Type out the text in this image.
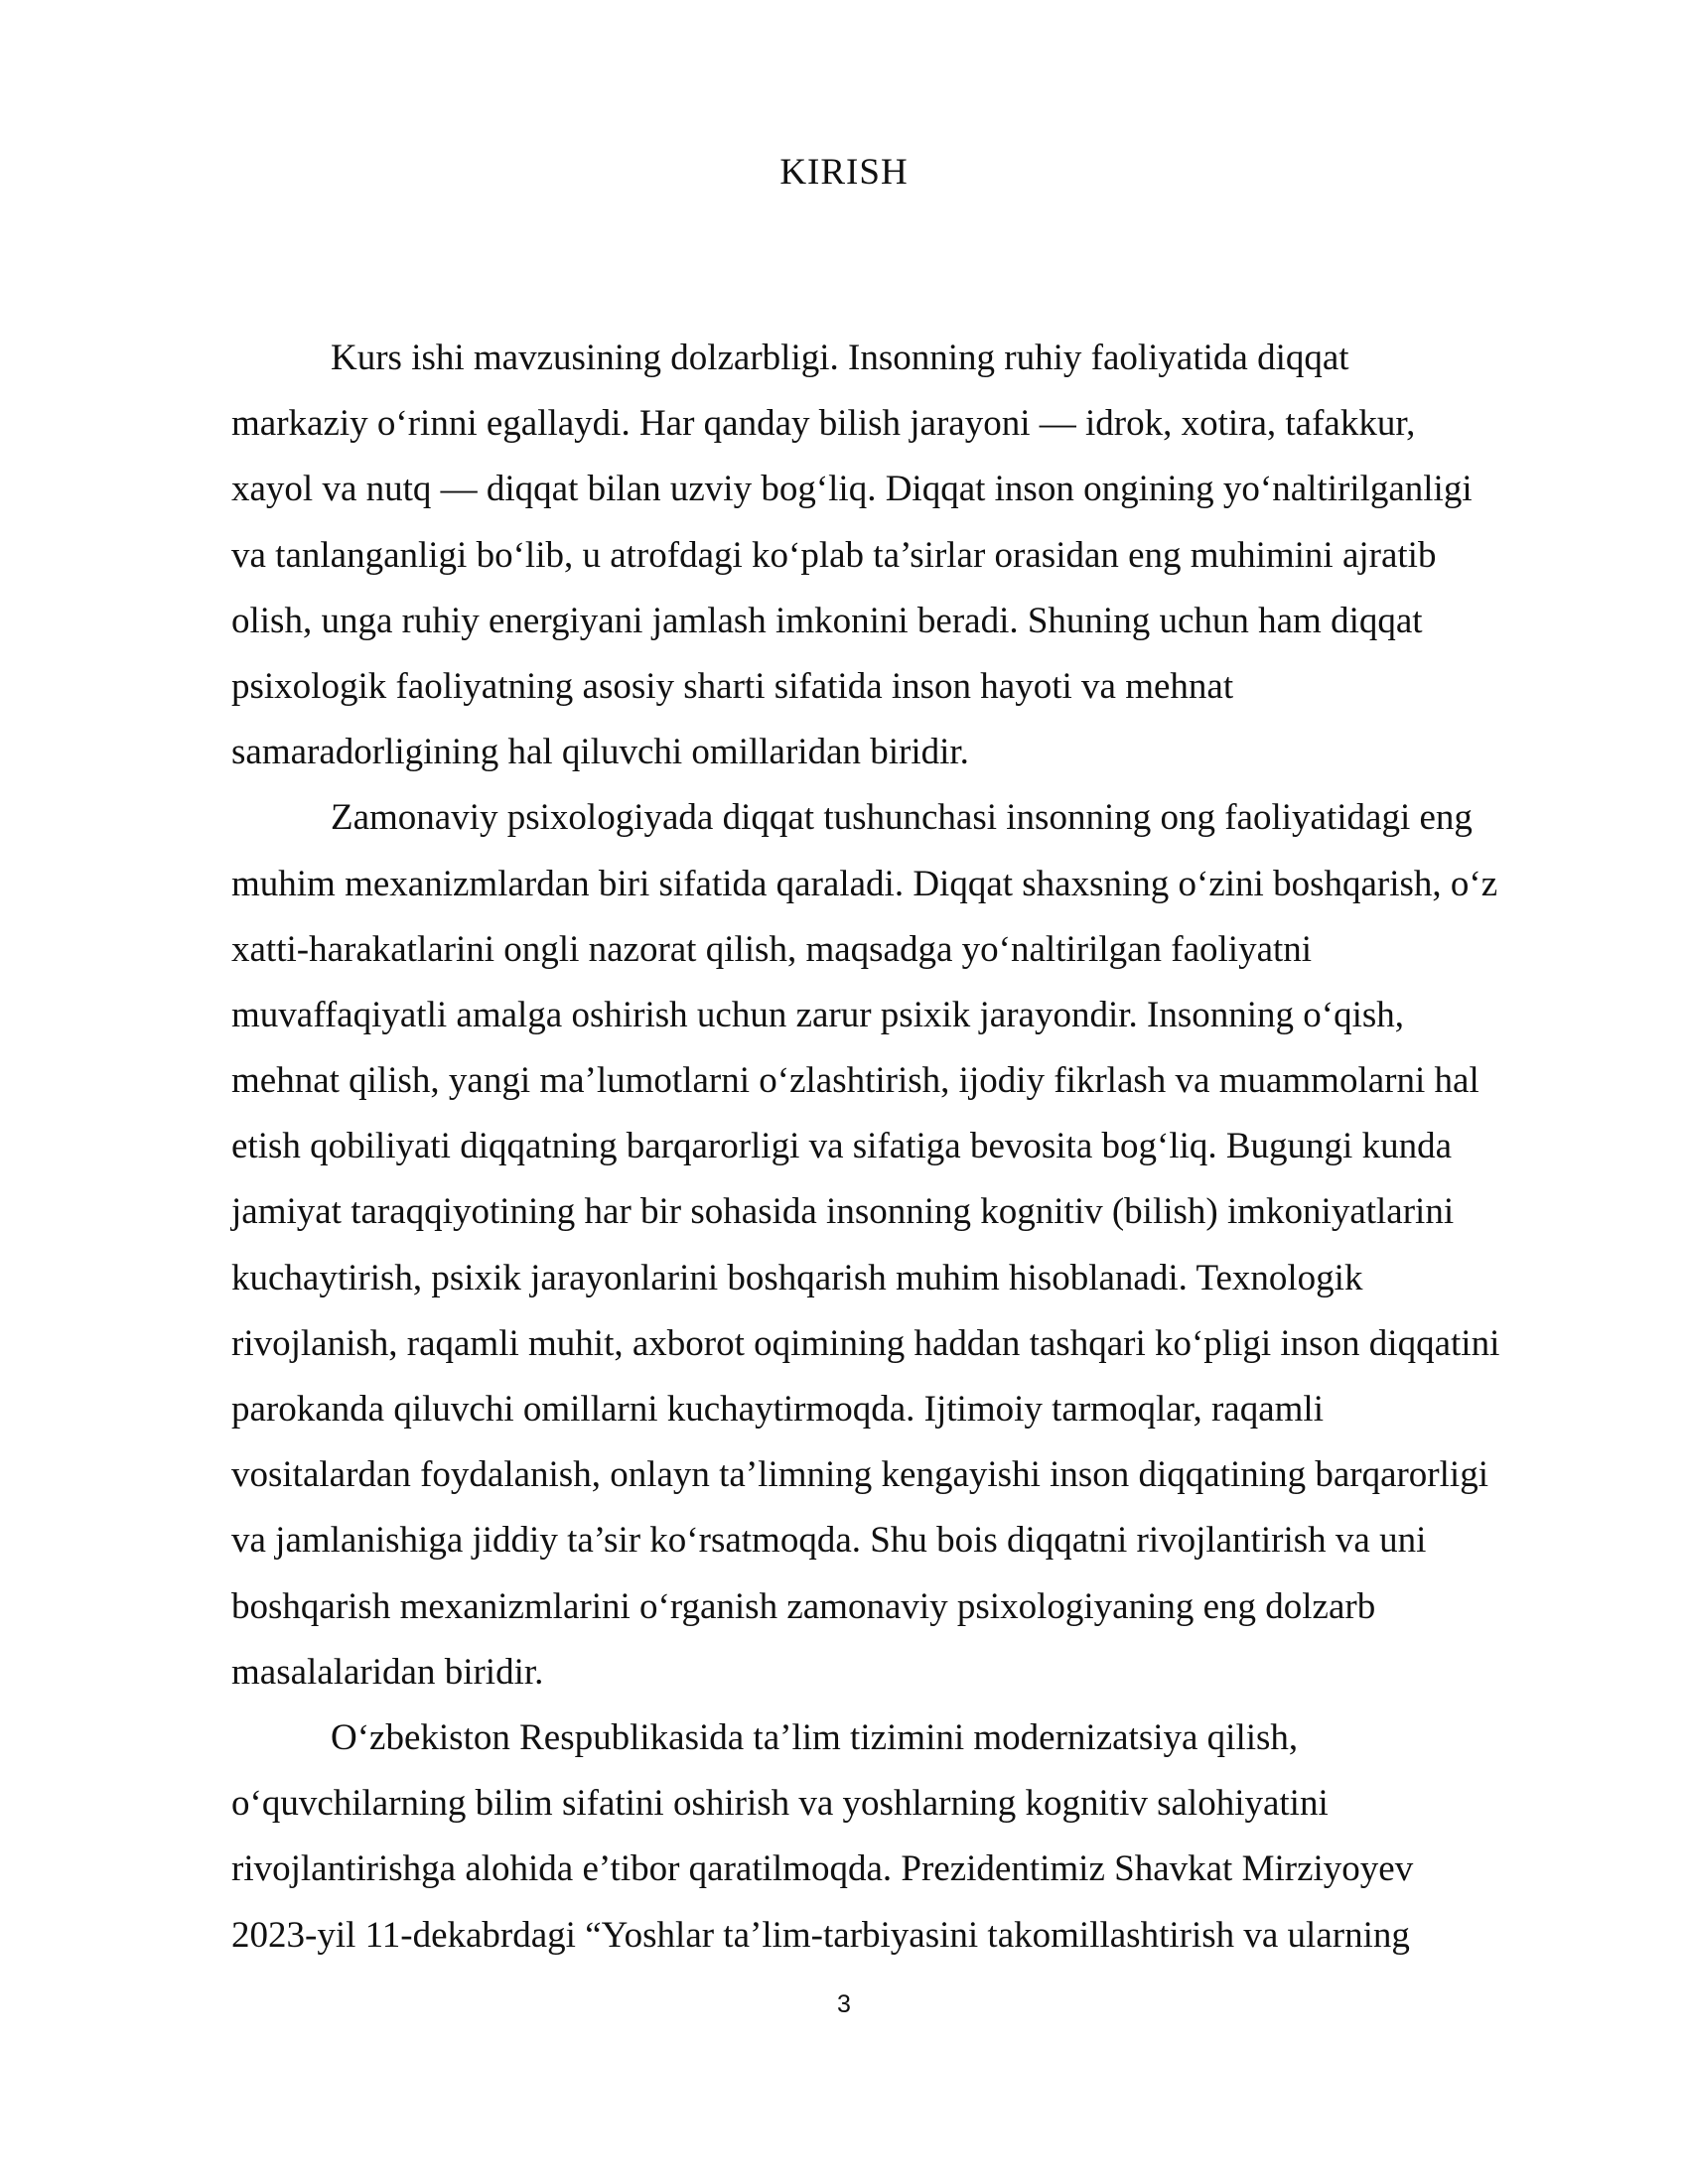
KIRISH
Kurs ishi mavzusining dolzarbligi. Insonning ruhiy faoliyatida diqqat
markaziy o‘rinni egallaydi. Har qanday bilish jarayoni — idrok, xotira, tafakkur,
xayol va nutq — diqqat bilan uzviy bog‘liq. Diqqat inson ongining yo‘naltirilganligi
va tanlanganligi bo‘lib, u atrofdagi ko‘plab ta’sirlar orasidan eng muhimini ajratib
olish, unga ruhiy energiyani jamlash imkonini beradi. Shuning uchun ham diqqat
psixologik faoliyatning asosiy sharti sifatida inson hayoti va mehnat
samaradorligining hal qiluvchi omillaridan biridir.
Zamonaviy psixologiyada diqqat tushunchasi insonning ong faoliyatidagi eng
muhim mexanizmlardan biri sifatida qaraladi. Diqqat shaxsning o‘zini boshqarish, o‘z
xatti-harakatlarini ongli nazorat qilish, maqsadga yo‘naltirilgan faoliyatni
muvaffaqiyatli amalga oshirish uchun zarur psixik jarayondir. Insonning o‘qish,
mehnat qilish, yangi ma’lumotlarni o‘zlashtirish, ijodiy fikrlash va muammolarni hal
etish qobiliyati diqqatning barqarorligi va sifatiga bevosita bog‘liq. Bugungi kunda
jamiyat taraqqiyotining har bir sohasida insonning kognitiv (bilish) imkoniyatlarini
kuchaytirish, psixik jarayonlarini boshqarish muhim hisoblanadi. Texnologik
rivojlanish, raqamli muhit, axborot oqimining haddan tashqari ko‘pligi inson diqqatini
parokanda qiluvchi omillarni kuchaytirmoqda. Ijtimoiy tarmoqlar, raqamli
vositalardan foydalanish, onlayn ta’limning kengayishi inson diqqatining barqarorligi
va jamlanishiga jiddiy ta’sir ko‘rsatmoqda. Shu bois diqqatni rivojlantirish va uni
boshqarish mexanizmlarini o‘rganish zamonaviy psixologiyaning eng dolzarb
masalalaridan biridir.
O‘zbekiston Respublikasida ta’lim tizimini modernizatsiya qilish,
o‘quvchilarning bilim sifatini oshirish va yoshlarning kognitiv salohiyatini
rivojlantirishga alohida e’tibor qaratilmoqda. Prezidentimiz Shavkat Mirziyoyev
2023-yil 11-dekabrdagi “Yoshlar ta’lim-tarbiyasini takomillashtirish va ularning
3
